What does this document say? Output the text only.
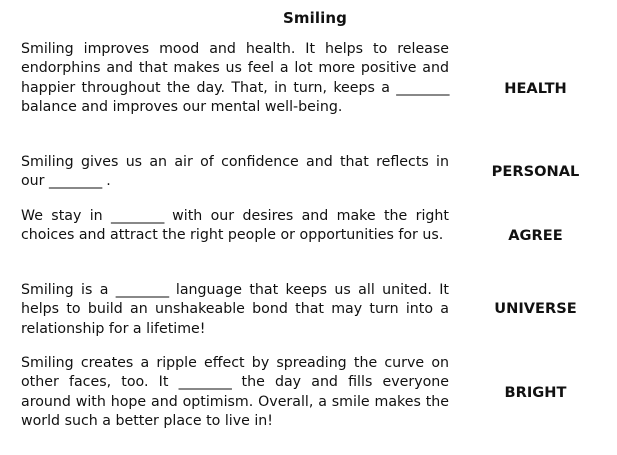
Smiling

Smiling improves mood and health. It helps to release endorphins and that makes us feel a lot more positive and happier throughout the day. That, in turn, keeps a ________ balance and improves our mental well-being.

HEALTH

Smiling gives us an air of confidence and that reflects in our ________ .

PERSONAL

We stay in ________ with our desires and make the right choices and attract the right people or opportunities for us.	AGREE

Smiling is a ________ language that keeps us all united. It helps to build an unshakeable bond that may turn into a relationship for a lifetime!

UNIVERSE

Smiling creates a ripple effect by spreading the curve on other faces, too. It ________ the day and fills everyone around with hope and optimism. Overall, a smile makes the world such a better place to live in!

BRIGHT
